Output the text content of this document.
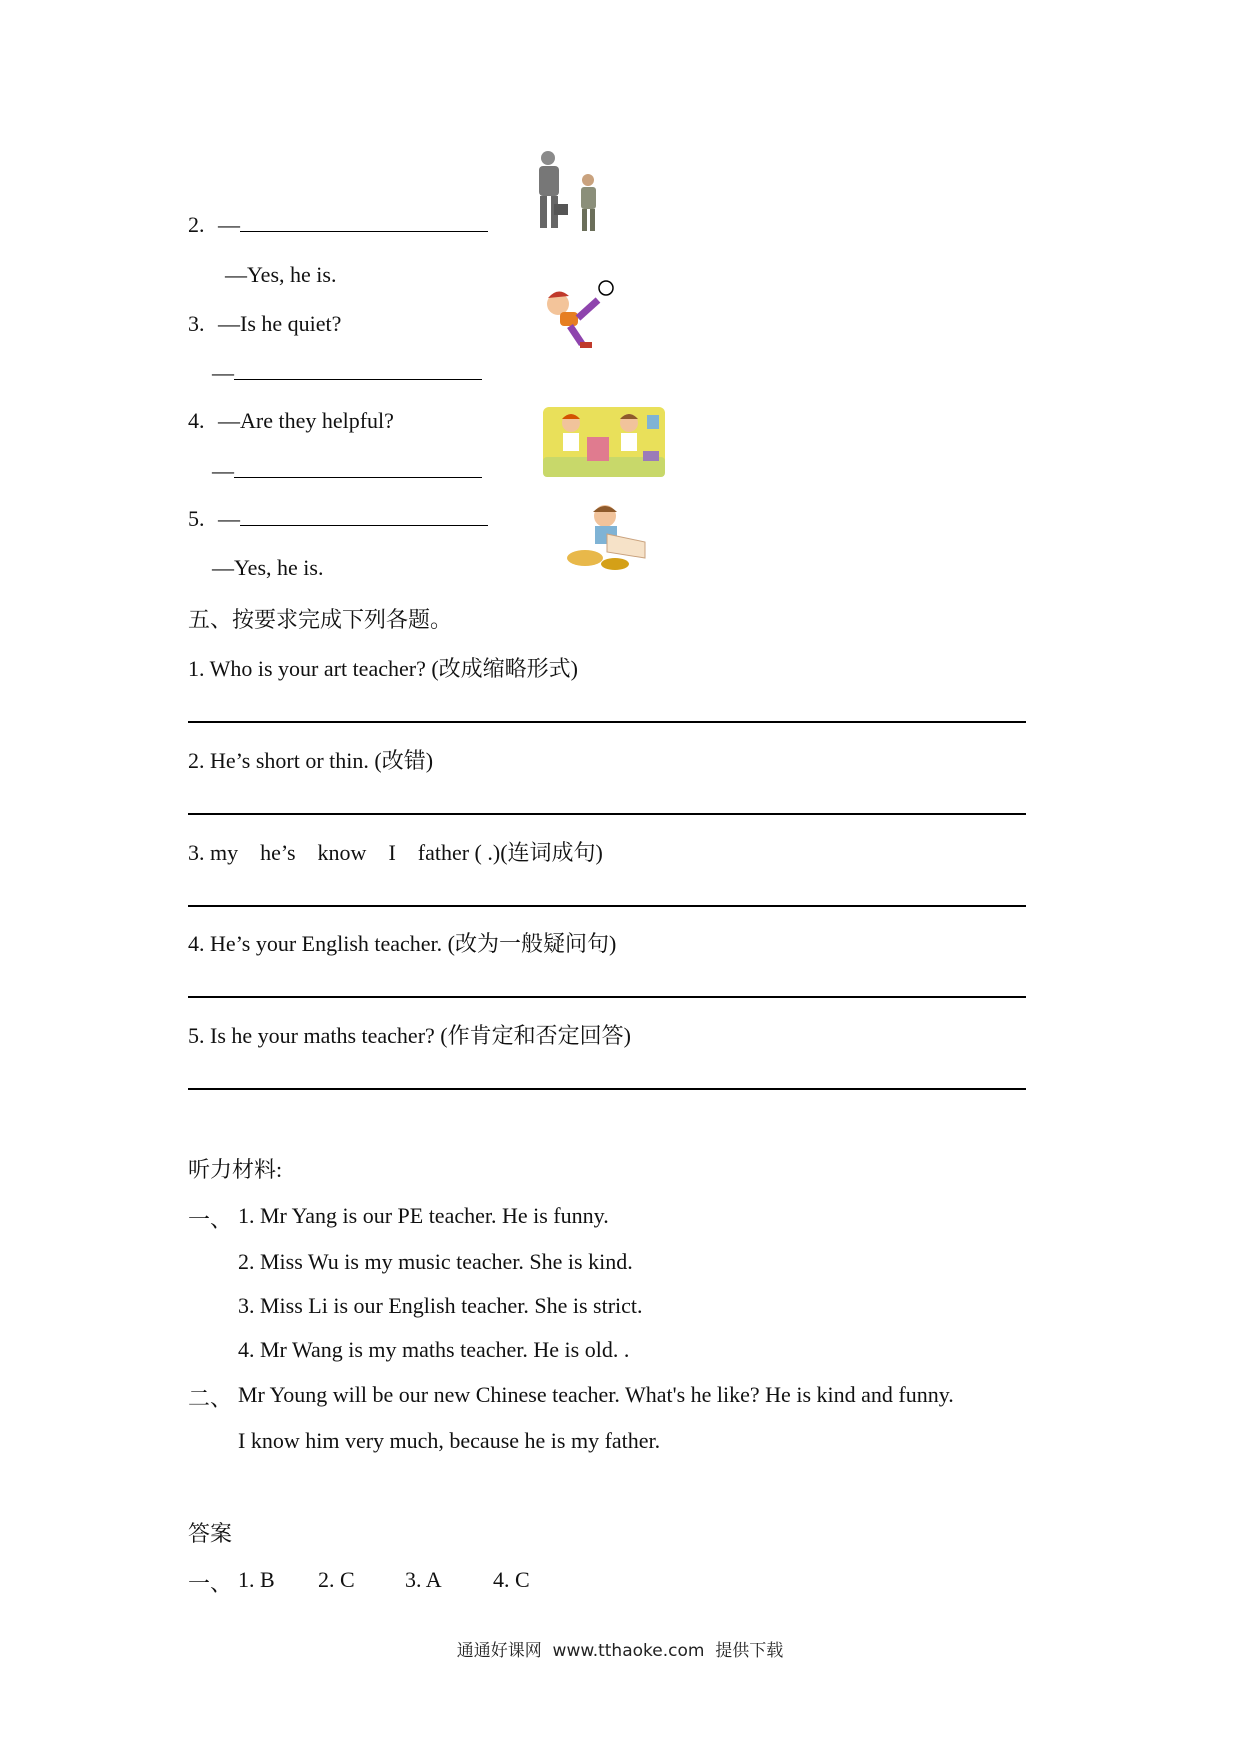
2. —
—Yes, he is.
3. —Is he quiet?
—
4. —Are they helpful?
—
5. —
—Yes, he is.
五、按要求完成下列各题。
1. Who is your art teacher? (改成缩略形式)
2. He’s short or thin. (改错)
3. my    he’s    know    I    father ( .)(连词成句)
4. He’s your English teacher. (改为一般疑问句)
5. Is he your maths teacher? (作肯定和否定回答)
听力材料:
一、 1. Mr Yang is our PE teacher. He is funny.
2. Miss Wu is my music teacher. She is kind.
3. Miss Li is our English teacher. She is strict.
4. Mr Wang is my maths teacher. He is old. .
二、 Mr Young will be our new Chinese teacher. What's he like? He is kind and funny.
I know him very much, because he is my father.
答案
一、 1. B 2. C 3. A 4. C
通通好课网  www.tthaoke.com  提供下载
